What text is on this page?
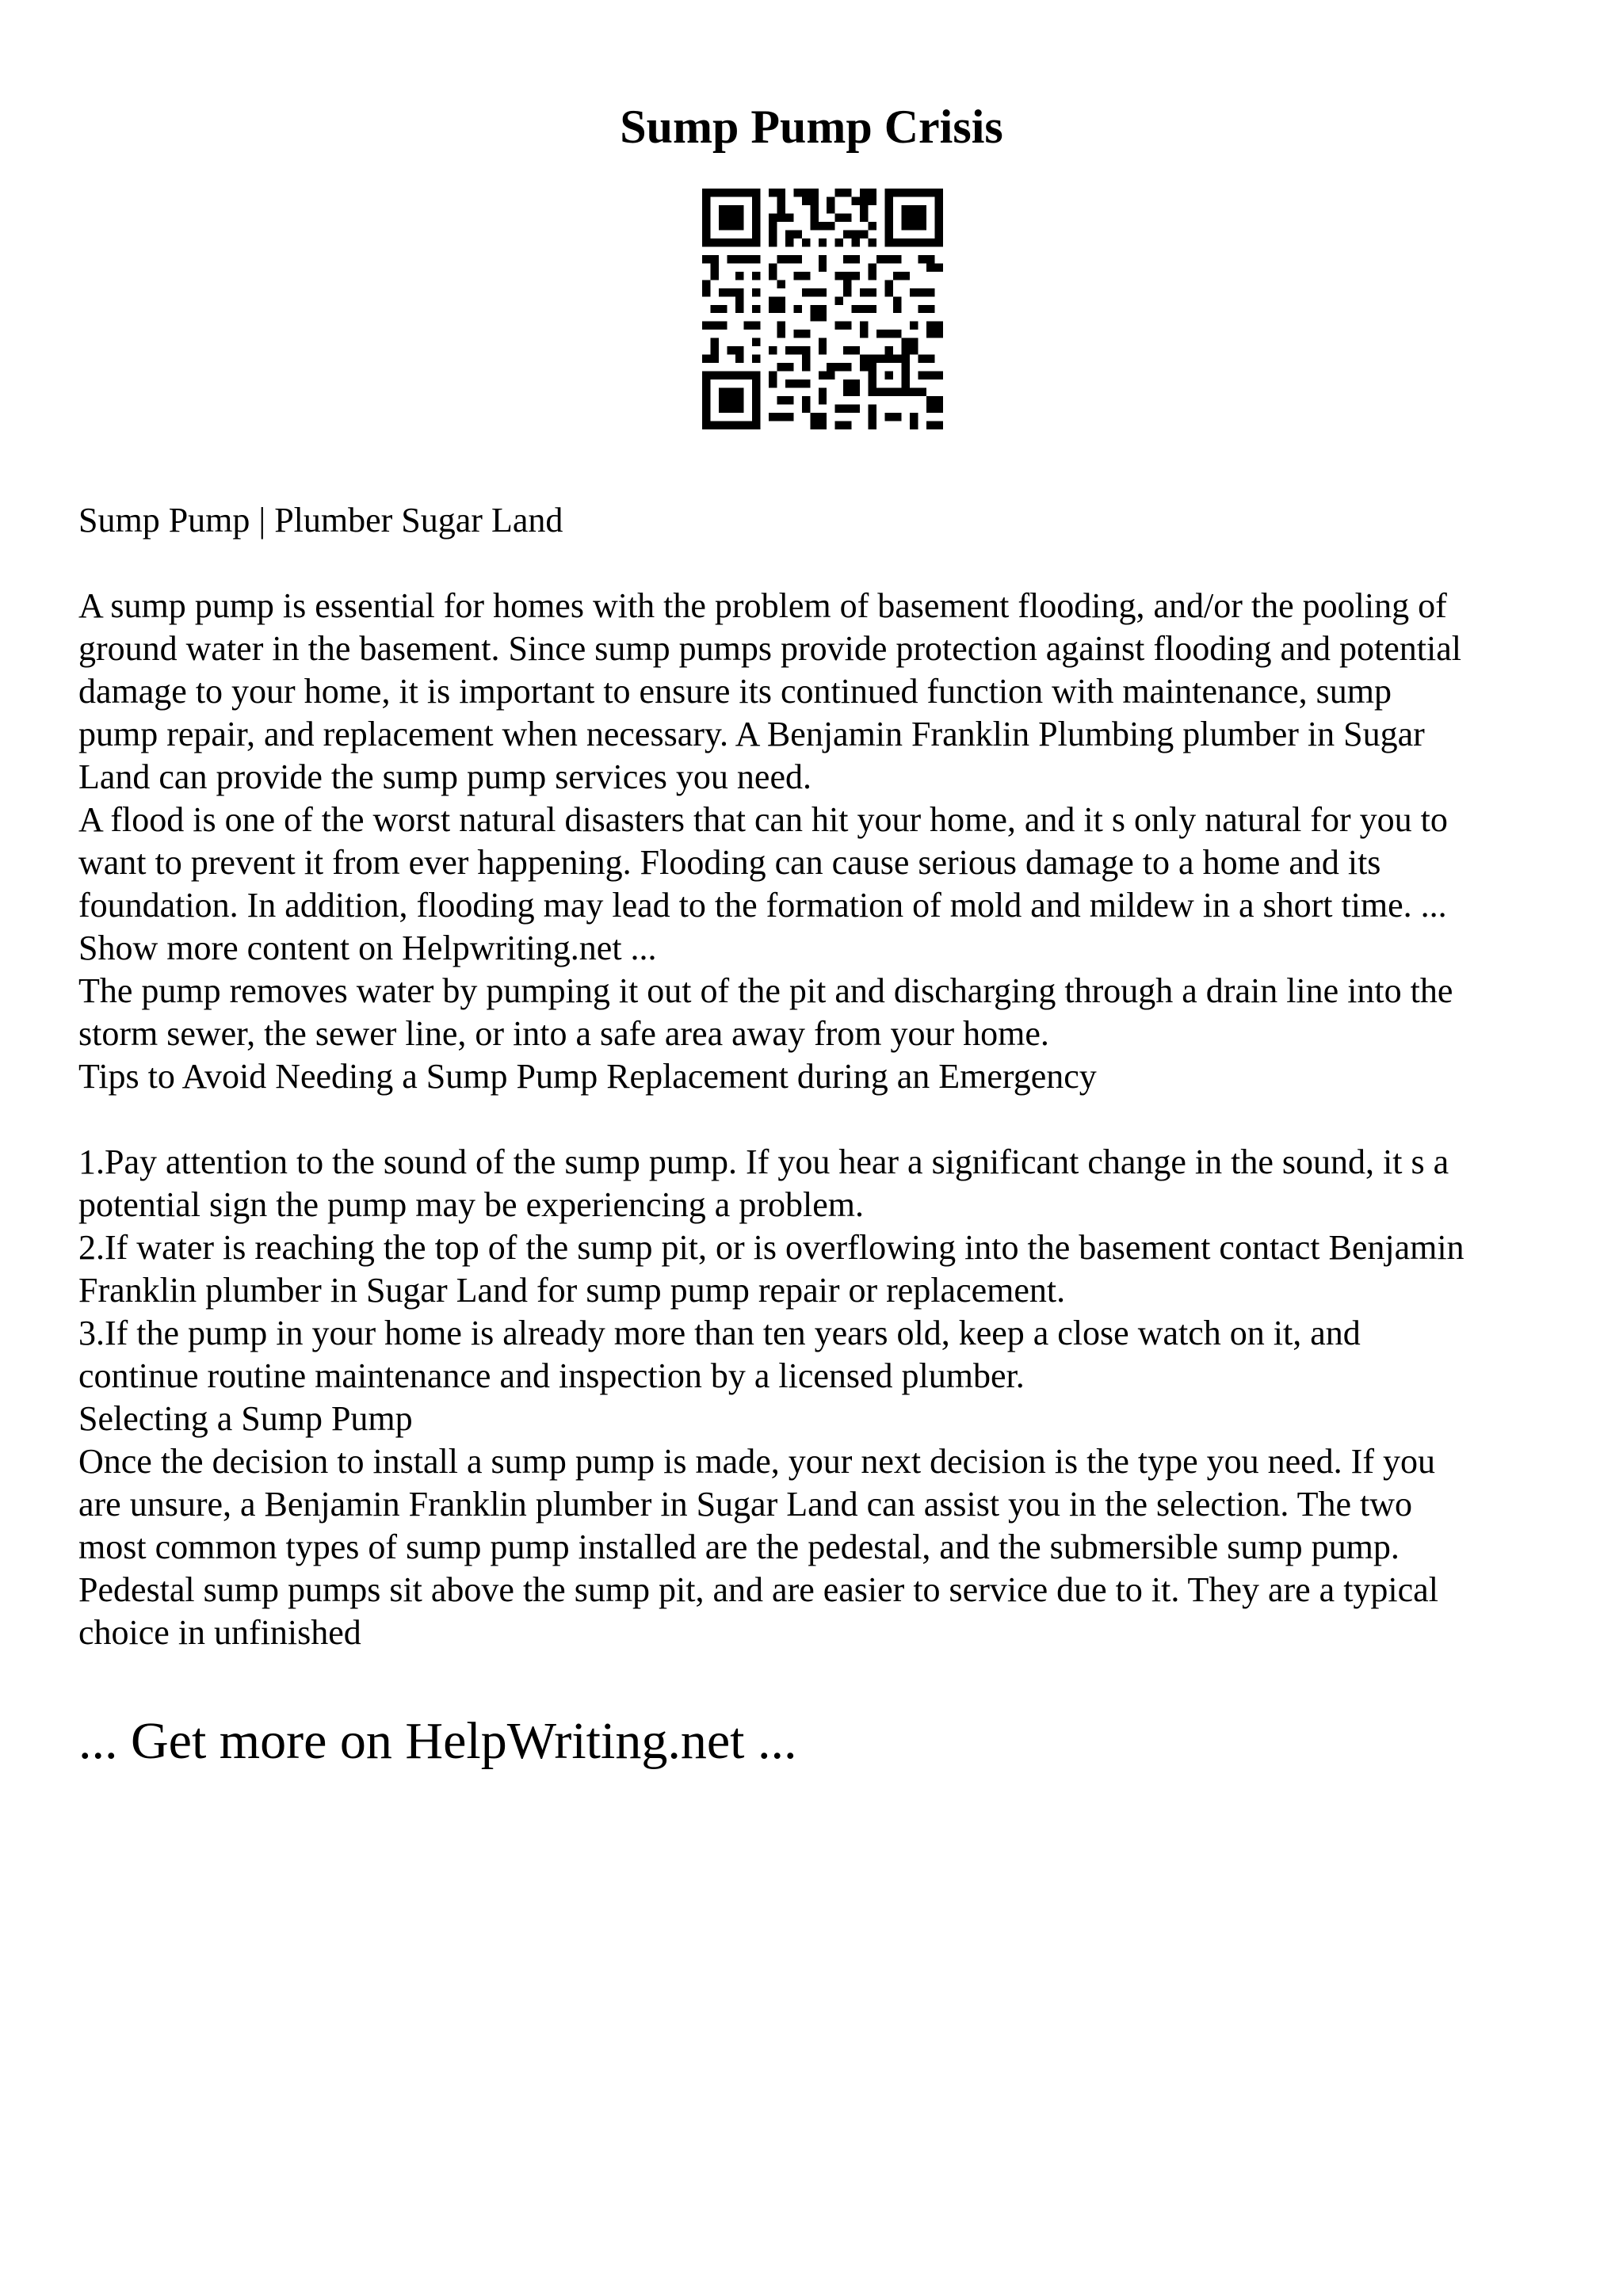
Sump Pump Crisis

Sump Pump | Plumber Sugar Land

A sump pump is essential for homes with the problem of basement flooding, and/or the pooling of

ground water in the basement. Since sump pumps provide protection against flooding and potential

damage to your home, it is important to ensure its continued function with maintenance, sump

pump repair, and replacement when necessary. A Benjamin Franklin Plumbing plumber in Sugar

Land can provide the sump pump services you need.

A flood is one of the worst natural disasters that can hit your home, and it s only natural for you to

want to prevent it from ever happening. Flooding can cause serious damage to a home and its

foundation. In addition, flooding may lead to the formation of mold and mildew in a short time. ...

Show more content on Helpwriting.net ...

The pump removes water by pumping it out of the pit and discharging through a drain line into the

storm sewer, the sewer line, or into a safe area away from your home.

Tips to Avoid Needing a Sump Pump Replacement during an Emergency

1.Pay attention to the sound of the sump pump. If you hear a significant change in the sound, it s a

potential sign the pump may be experiencing a problem.

2.If water is reaching the top of the sump pit, or is overflowing into the basement contact Benjamin

Franklin plumber in Sugar Land for sump pump repair or replacement.

3.If the pump in your home is already more than ten years old, keep a close watch on it, and

continue routine maintenance and inspection by a licensed plumber.

Selecting a Sump Pump

Once the decision to install a sump pump is made, your next decision is the type you need. If you

are unsure, a Benjamin Franklin plumber in Sugar Land can assist you in the selection. The two

most common types of sump pump installed are the pedestal, and the submersible sump pump.

Pedestal sump pumps sit above the sump pit, and are easier to service due to it. They are a typical

choice in unfinished

... Get more on HelpWriting.net ...
